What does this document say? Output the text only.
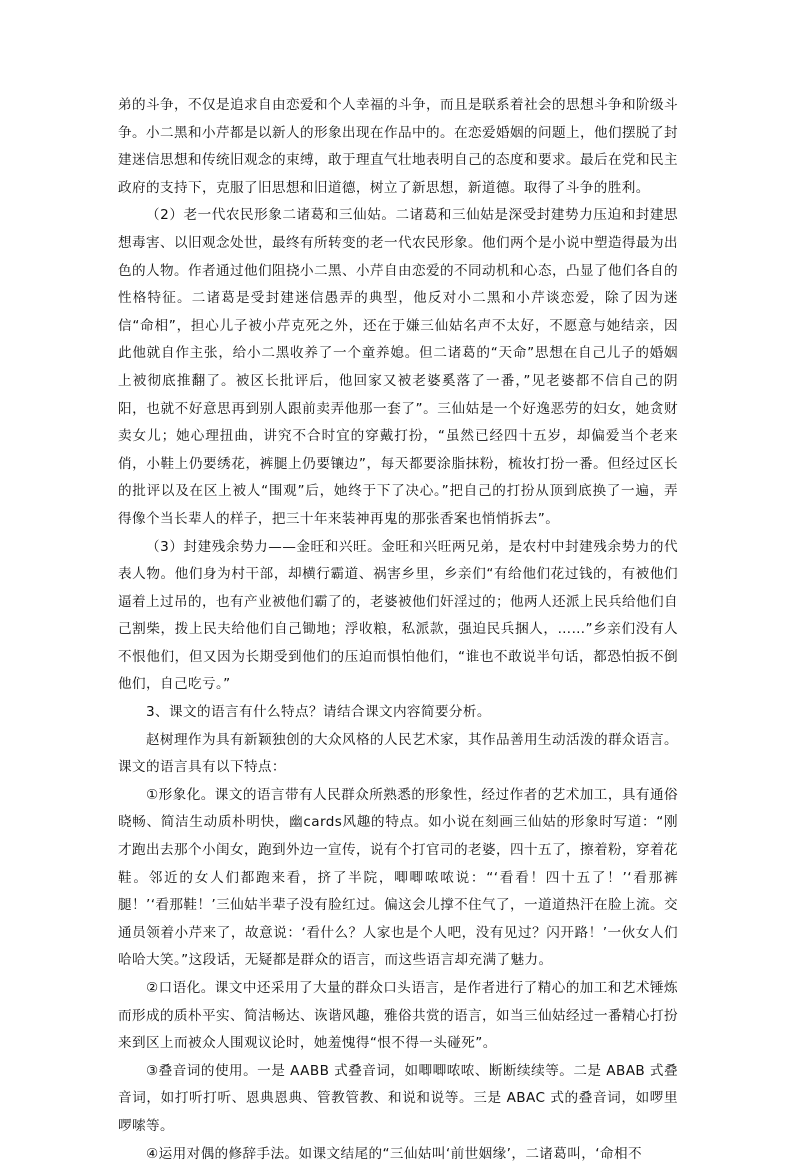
弟的斗争，不仅是追求自由恋爱和个人幸福的斗争，而且是联系着社会的思想斗争和阶级斗争。小二黑和小芹都是以新人的形象出现在作品中的。在恋爱婚姻的问题上，他们摆脱了封建迷信思想和传统旧观念的束缚，敢于理直气壮地表明自己的态度和要求。最后在党和民主政府的支持下，克服了旧思想和旧道德，树立了新思想，新道德。取得了斗争的胜利。

（2）老一代农民形象二诸葛和三仙姑。二诸葛和三仙姑是深受封建势力压迫和封建思想毒害、以旧观念处世，最终有所转变的老一代农民形象。他们两个是小说中塑造得最为出色的人物。作者通过他们阻挠小二黑、小芹自由恋爱的不同动机和心态，凸显了他们各自的性格特征。二诸葛是受封建迷信愚弄的典型，他反对小二黑和小芹谈恋爱，除了因为迷信“命相”，担心儿子被小芹克死之外，还在于嫌三仙姑名声不太好，不愿意与她结亲，因此他就自作主张，给小二黑收养了一个童养媳。但二诸葛的“天命”思想在自己儿子的婚姻上被彻底推翻了。被区长批评后，他回家又被老婆奚落了一番，”见老婆都不信自己的阴阳，也就不好意思再到别人跟前卖弄他那一套了”。三仙姑是一个好逸恶劳的妇女，她贪财卖女儿；她心理扭曲，讲究不合时宜的穿戴打扮，“虽然已经四十五岁，却偏爱当个老来俏，小鞋上仍要绣花，裤腿上仍要镶边”，每天都要涂脂抹粉，梳妆打扮一番。但经过区长的批评以及在区上被人“围观”后，她终于下了决心。”把自己的打扮从顶到底换了一遍，弄得像个当长辈人的样子，把三十年来装神再鬼的那张香案也悄悄拆去”。

（3）封建残余势力——金旺和兴旺。金旺和兴旺两兄弟，是农村中封建残余势力的代表人物。他们身为村干部，却横行霸道、祸害乡里，乡亲们“有给他们花过钱的，有被他们逼着上过吊的，也有产业被他们霸了的，老婆被他们奸淫过的；他两人还派上民兵给他们自己割柴，拨上民夫给他们自己锄地；浮收粮，私派款，强迫民兵捆人，……”乡亲们没有人不恨他们，但又因为长期受到他们的压迫而惧怕他们，“谁也不敢说半句话，都恐怕扳不倒他们，自己吃亏。”

3、课文的语言有什么特点？请结合课文内容简要分析。

赵树理作为具有新颖独创的大众风格的人民艺术家，其作品善用生动活泼的群众语言。课文的语言具有以下特点：

①形象化。课文的语言带有人民群众所熟悉的形象性，经过作者的艺术加工，具有通俗晓畅、简洁生动质朴明快，幽cards风趣的特点。如小说在刻画三仙姑的形象时写道：“刚才跑出去那个小闺女，跑到外边一宣传，说有个打官司的老婆，四十五了，擦着粉，穿着花鞋。邻近的女人们都跑来看，挤了半院，唧唧哝哝说：“‘看看！四十五了！’‘看那裤腿！’‘看那鞋！’三仙姑半辈子没有脸红过。偏这会儿撑不住气了，一道道热汗在脸上流。交通员领着小芹来了，故意说：‘看什么？人家也是个人吧，没有见过？闪开路！’一伙女人们哈哈大笑。”这段话，无疑都是群众的语言，而这些语言却充满了魅力。

②口语化。课文中还采用了大量的群众口头语言，是作者进行了精心的加工和艺术锤炼而形成的质朴平实、简洁畅达、诙谐风趣，雅俗共赏的语言，如当三仙姑经过一番精心打扮来到区上而被众人围观议论时，她羞愧得“恨不得一头碰死”。

③叠音词的使用。一是 AABB 式叠音词，如唧唧哝哝、断断续续等。二是 ABAB 式叠音词，如打听打听、恩典恩典、管教管教、和说和说等。三是 ABAC 式的叠音词，如啰里啰嗦等。

④运用对偶的修辞手法。如课文结尾的“三仙姑叫‘前世姻缘’，二诸葛叫，‘命相不
